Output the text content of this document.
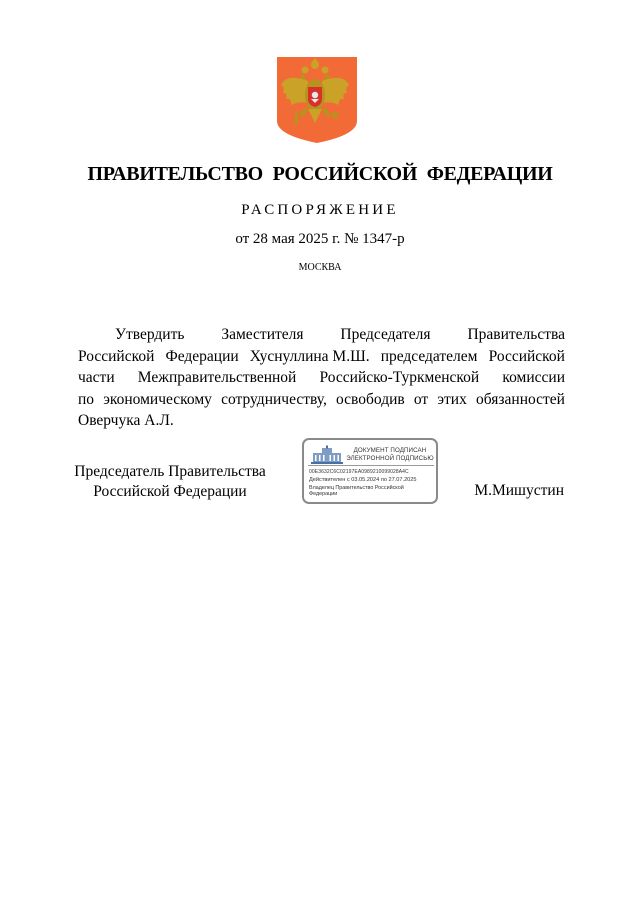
ПРАВИТЕЛЬСТВО РОССИЙСКОЙ ФЕДЕРАЦИИ
РАСПОРЯЖЕНИЕ
от 28 мая 2025 г. № 1347-р
МОСКВА
Утвердить Заместителя Председателя Правительства
Российской Федерации Хуснуллина М.Ш. председателем Российской
части Межправительственной Российско-Туркменской комиссии
по экономическому сотрудничеству, освободив от этих обязанностей
Оверчука А.Л.
Председатель Правительства
Российской Федерации
ДОКУМЕНТ ПОДПИСАН
ЭЛЕКТРОННОЙ ПОДПИСЬЮ
00E3632C6C02197EA0989210099028A4C
Действителен с 03.05.2024 по 27.07.2025
Владелец Правительство Российской Федерации	М.Мишустин
